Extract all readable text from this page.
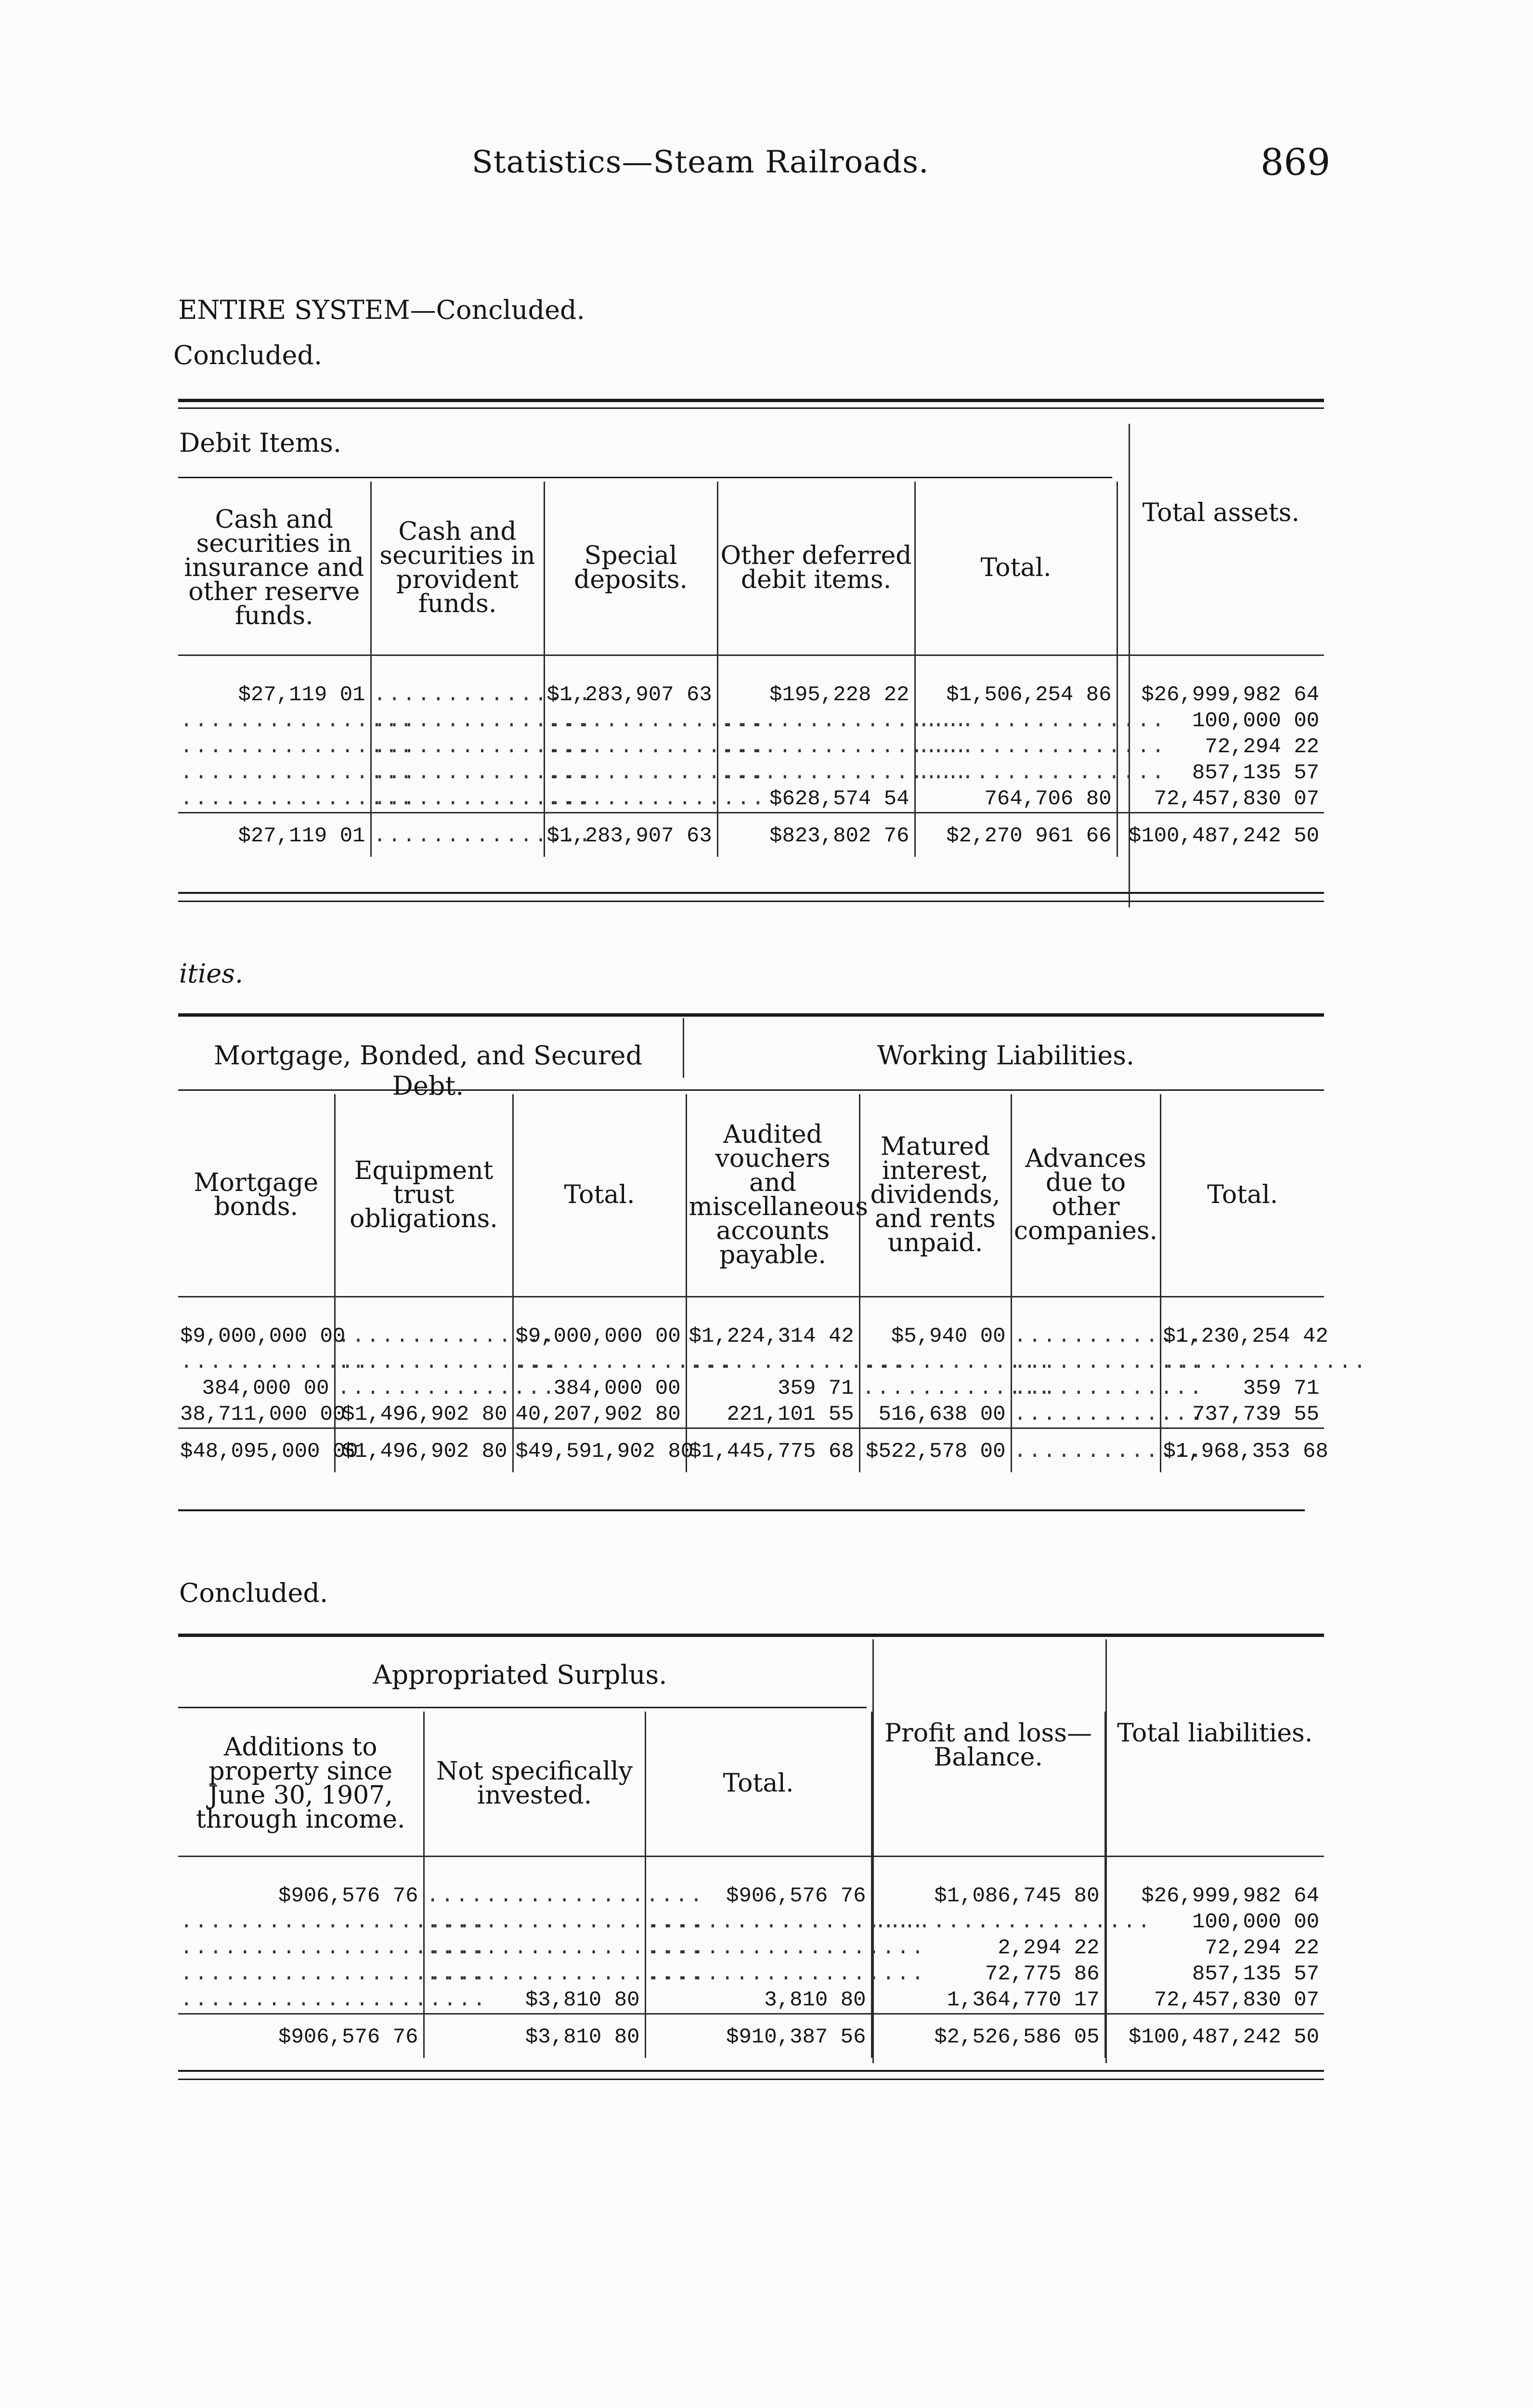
Statistics—Steam Railroads.	869
ENTIRE SYSTEM—Concluded.
Concluded.
Debit Items.
Cash and securities in insurance and other reserve funds.	Cash and securities in provident funds.	Special deposits.	Other deferred debit items.	Total.	Total assets.
$27,119 01	...............	$1,283,907 63	$195,228 22	$1,506,254 86	$26,999,982 64
................	...............	...............	.................	.................	100,000 00
................	...............	...............	.................	.................	72,294 22
................	...............	...............	.................	.................	857,135 57
................	...............	...............	$628,574 54	764,706 80	72,457,830 07
$27,119 01	...............	$1,283,907 63	$823,802 76	$2,270 961 66	$100,487,242 50
ities.
Mortgage, Bonded, and Secured Debt.
Working Liabilities.
Mortgage bonds.	Equipment trust obligations.	Total.	Audited vouchers and miscellaneous accounts payable.	Matured interest, dividends, and rents unpaid.	Advances due to other companies.	Total.
$9,000,000 00	...............	$9,000,000 00	$1,224,314 42	$5,940 00	.............	$1,230,254 42
.............	...............	...............	...............	.............	.............	..............
384,000 00	...............	384,000 00	359 71	.............	.............	359 71
38,711,000 00	$1,496,902 80	40,207,902 80	221,101 55	516,638 00	.............	737,739 55
$48,095,000 00	$1,496,902 80	$49,591,902 80	$1,445,775 68	$522,578 00	.............	$1,968,353 68
Concluded.
Appropriated Surplus.
Additions to property since June 30, 1907, through income.	Not specifically invested.	Total.	Profit and loss—Balance.	Total liabilities.
$906,576 76	...................	$906,576 76	$1,086,745 80	$26,999,982 64
.....................	...................	...................	...................	100,000 00
.....................	...................	...................	2,294 22	72,294 22
.....................	...................	...................	72,775 86	857,135 57
.....................	$3,810 80	3,810 80	1,364,770 17	72,457,830 07
$906,576 76	$3,810 80	$910,387 56	$2,526,586 05	$100,487,242 50
